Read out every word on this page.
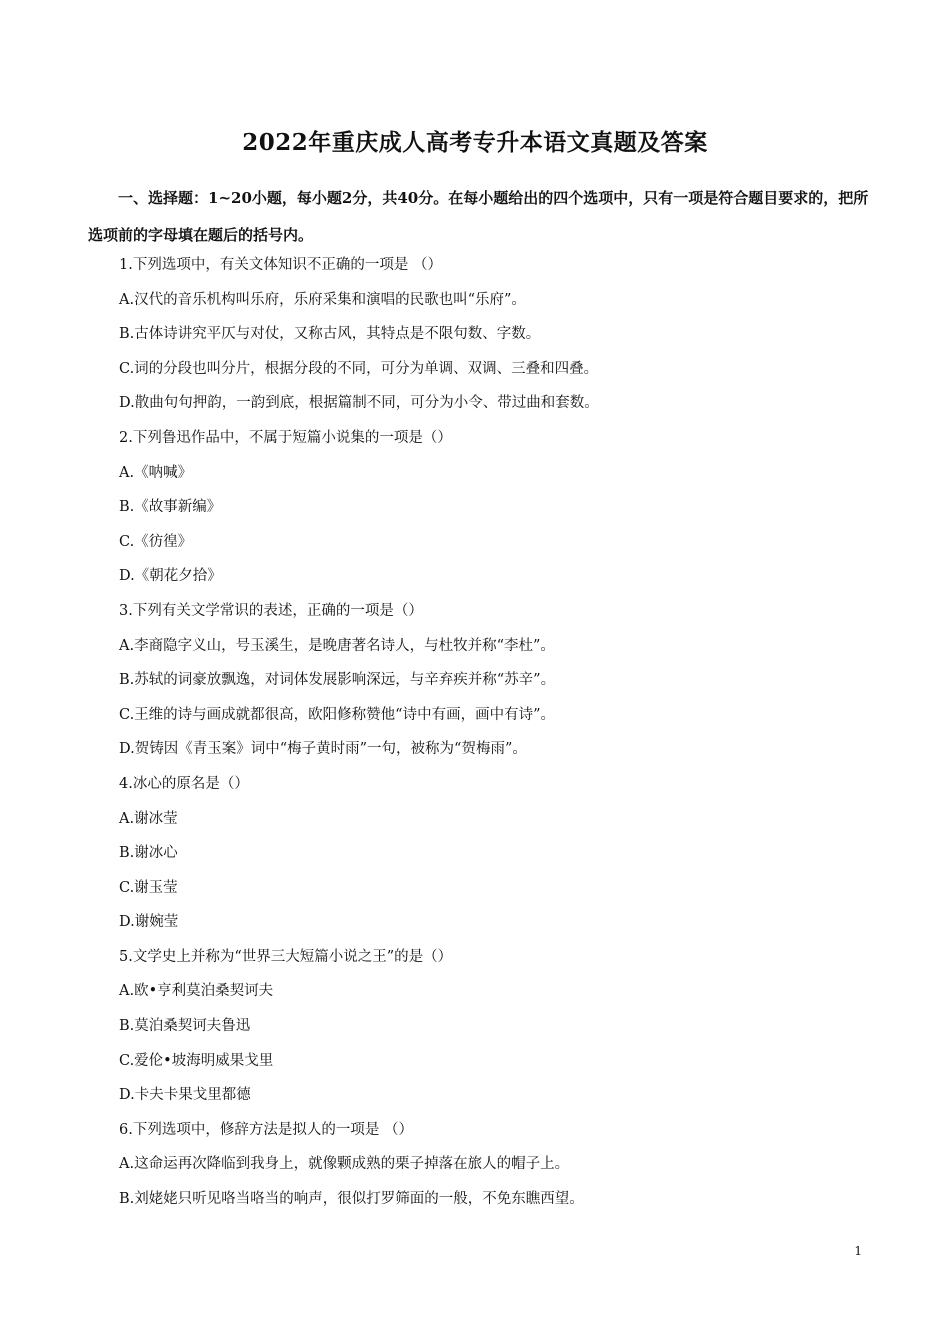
2022年重庆成人高考专升本语文真题及答案

一、选择题：1~20小题，每小题2分，共40分。在每小题给出的四个选项中，只有一项是符合题目要求的，把所选项前的字母填在题后的括号内。

1.下列选项中，有关文体知识不正确的一项是 （）
A.汉代的音乐机构叫乐府，乐府采集和演唱的民歌也叫“乐府”。
B.古体诗讲究平仄与对仗，又称古风，其特点是不限句数、字数。
C.词的分段也叫分片，根据分段的不同，可分为单调、双调、三叠和四叠。
D.散曲句句押韵，一韵到底，根据篇制不同，可分为小令、带过曲和套数。
2.下列鲁迅作品中，不属于短篇小说集的一项是（）
A.《呐喊》
B.《故事新编》
C.《彷徨》
D.《朝花夕拾》
3.下列有关文学常识的表述，正确的一项是（）
A.李商隐字义山，号玉溪生，是晚唐著名诗人，与杜牧并称“李杜”。
B.苏轼的词豪放飘逸，对词体发展影响深远，与辛弃疾并称“苏辛”。
C.王维的诗与画成就都很高，欧阳修称赞他“诗中有画，画中有诗”。
D.贺铸因《青玉案》词中“梅子黄时雨”一句，被称为“贺梅雨”。
4.冰心的原名是（）
A.谢冰莹
B.谢冰心
C.谢玉莹
D.谢婉莹
5.文学史上并称为“世界三大短篇小说之王”的是（）
A.欧•亨利莫泊桑契诃夫
B.莫泊桑契诃夫鲁迅
C.爱伦•坡海明威果戈里
D.卡夫卡果戈里都德
6.下列选项中，修辞方法是拟人的一项是 （）
A.这命运再次降临到我身上，就像颗成熟的栗子掉落在旅人的帽子上。
B.刘姥姥只听见咯当咯当的响声，很似打罗筛面的一般，不免东瞧西望。
1
